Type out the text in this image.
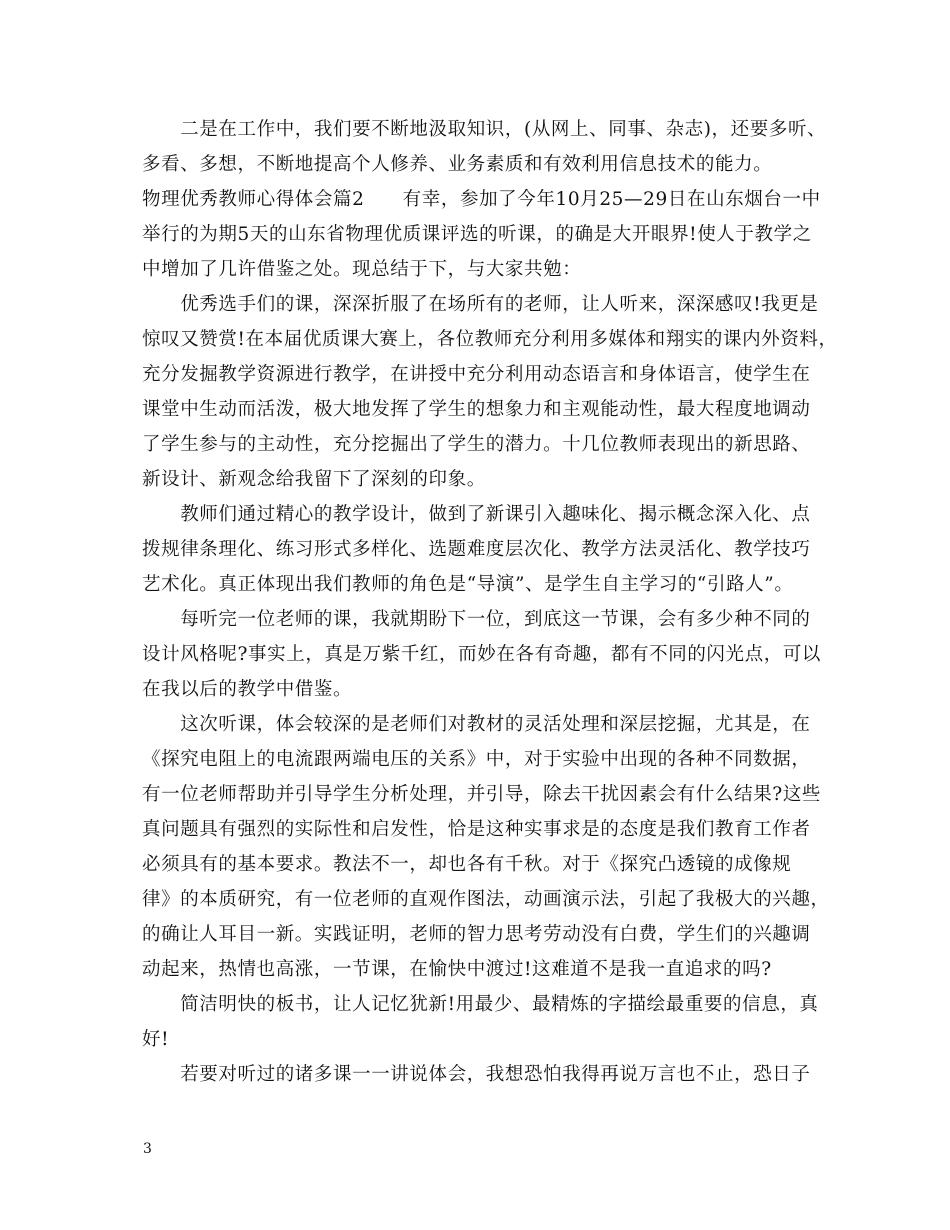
　　二是在工作中，我们要不断地汲取知识，(从网上、同事、杂志)，还要多听、
多看、多想，不断地提高个人修养、业务素质和有效利用信息技术的能力。
物理优秀教师心得体会篇2　　有幸，参加了今年10月25—29日在山东烟台一中
举行的为期5天的山东省物理优质课评选的听课，的确是大开眼界!使人于教学之
中增加了几许借鉴之处。现总结于下，与大家共勉：
　　优秀选手们的课，深深折服了在场所有的老师，让人听来，深深感叹!我更是
惊叹又赞赏!在本届优质课大赛上，各位教师充分利用多媒体和翔实的课内外资料，
充分发掘教学资源进行教学，在讲授中充分利用动态语言和身体语言，使学生在
课堂中生动而活泼，极大地发挥了学生的想象力和主观能动性，最大程度地调动
了学生参与的主动性，充分挖掘出了学生的潜力。十几位教师表现出的新思路、
新设计、新观念给我留下了深刻的印象。
　　教师们通过精心的教学设计，做到了新课引入趣味化、揭示概念深入化、点
拨规律条理化、练习形式多样化、选题难度层次化、教学方法灵活化、教学技巧
艺术化。真正体现出我们教师的角色是“导演”、是学生自主学习的“引路人”。
　　每听完一位老师的课，我就期盼下一位，到底这一节课，会有多少种不同的
设计风格呢?事实上，真是万紫千红，而妙在各有奇趣，都有不同的闪光点，可以
在我以后的教学中借鉴。
　　这次听课，体会较深的是老师们对教材的灵活处理和深层挖掘，尤其是，在
《探究电阻上的电流跟两端电压的关系》中，对于实验中出现的各种不同数据，
有一位老师帮助并引导学生分析处理，并引导，除去干扰因素会有什么结果?这些
真问题具有强烈的实际性和启发性，恰是这种实事求是的态度是我们教育工作者
必须具有的基本要求。教法不一，却也各有千秋。对于《探究凸透镜的成像规
律》的本质研究，有一位老师的直观作图法，动画演示法，引起了我极大的兴趣，
的确让人耳目一新。实践证明，老师的智力思考劳动没有白费，学生们的兴趣调
动起来，热情也高涨，一节课，在愉快中渡过!这难道不是我一直追求的吗?
　　简洁明快的板书，让人记忆犹新!用最少、最精炼的字描绘最重要的信息，真
好!
　　若要对听过的诸多课一一讲说体会，我想恐怕我得再说万言也不止，恐日子
3
